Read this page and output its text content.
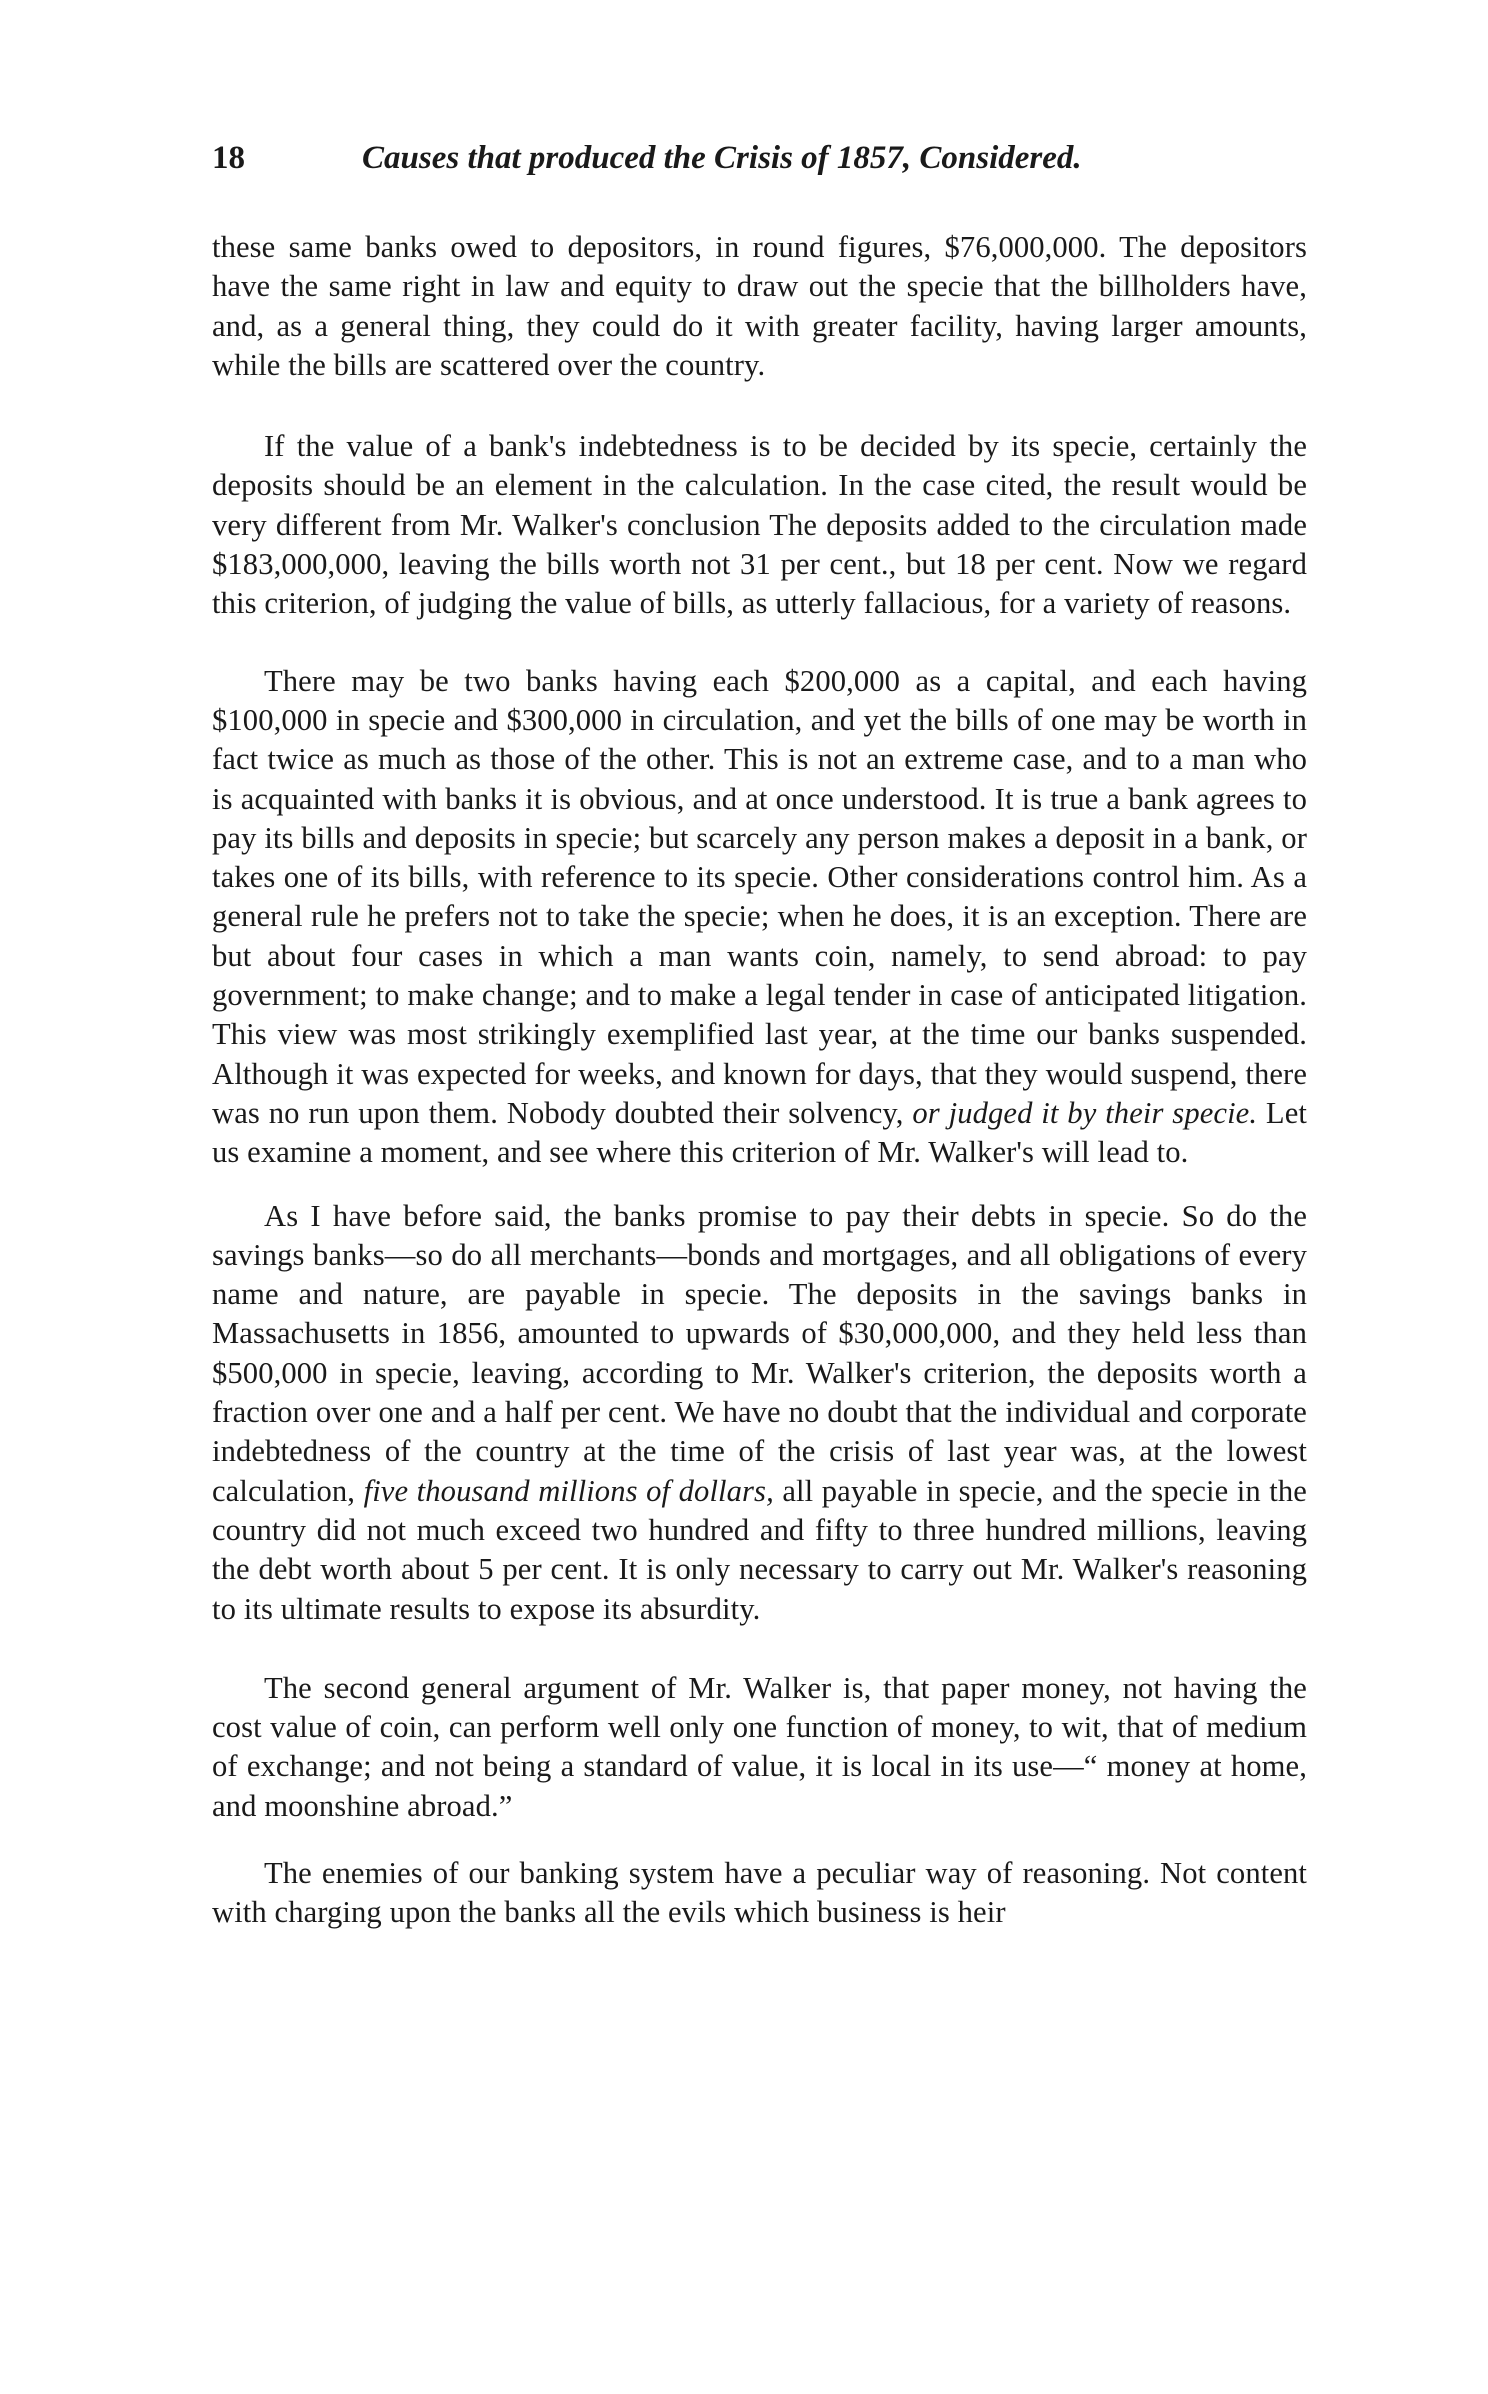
18	Causes that produced the Crisis of 1857, Considered.

these same banks owed to depositors, in round figures, $76,000,000. The depositors have the same right in law and equity to draw out the specie that the billholders have, and, as a general thing, they could do it with greater facility, having larger amounts, while the bills are scattered over the country.

If the value of a bank's indebtedness is to be decided by its specie, certainly the deposits should be an element in the calculation. In the case cited, the result would be very different from Mr. Walker's conclusion The deposits added to the circulation made $183,000,000, leaving the bills worth not 31 per cent., but 18 per cent. Now we regard this criterion, of judging the value of bills, as utterly fallacious, for a variety of reasons.

There may be two banks having each $200,000 as a capital, and each having $100,000 in specie and $300,000 in circulation, and yet the bills of one may be worth in fact twice as much as those of the other. This is not an extreme case, and to a man who is acquainted with banks it is obvious, and at once understood. It is true a bank agrees to pay its bills and deposits in specie; but scarcely any person makes a deposit in a bank, or takes one of its bills, with reference to its specie. Other considerations control him. As a general rule he prefers not to take the specie; when he does, it is an exception. There are but about four cases in which a man wants coin, namely, to send abroad: to pay government; to make change; and to make a legal tender in case of anticipated litigation. This view was most strikingly exemplified last year, at the time our banks suspended. Although it was expected for weeks, and known for days, that they would suspend, there was no run upon them. Nobody doubted their solvency, or judged it by their specie. Let us examine a moment, and see where this criterion of Mr. Walker's will lead to.

As I have before said, the banks promise to pay their debts in specie. So do the savings banks—so do all merchants—bonds and mortgages, and all obligations of every name and nature, are payable in specie. The deposits in the savings banks in Massachusetts in 1856, amounted to upwards of $30,000,000, and they held less than $500,000 in specie, leaving, according to Mr. Walker's criterion, the deposits worth a fraction over one and a half per cent. We have no doubt that the individual and corporate indebtedness of the country at the time of the crisis of last year was, at the lowest calculation, five thousand millions of dollars, all payable in specie, and the specie in the country did not much exceed two hundred and fifty to three hundred millions, leaving the debt worth about 5 per cent. It is only necessary to carry out Mr. Walker's reasoning to its ultimate results to expose its absurdity.

The second general argument of Mr. Walker is, that paper money, not having the cost value of coin, can perform well only one function of money, to wit, that of medium of exchange; and not being a standard of value, it is local in its use—“ money at home, and moonshine abroad.”

The enemies of our banking system have a peculiar way of reasoning. Not content with charging upon the banks all the evils which business is heir
